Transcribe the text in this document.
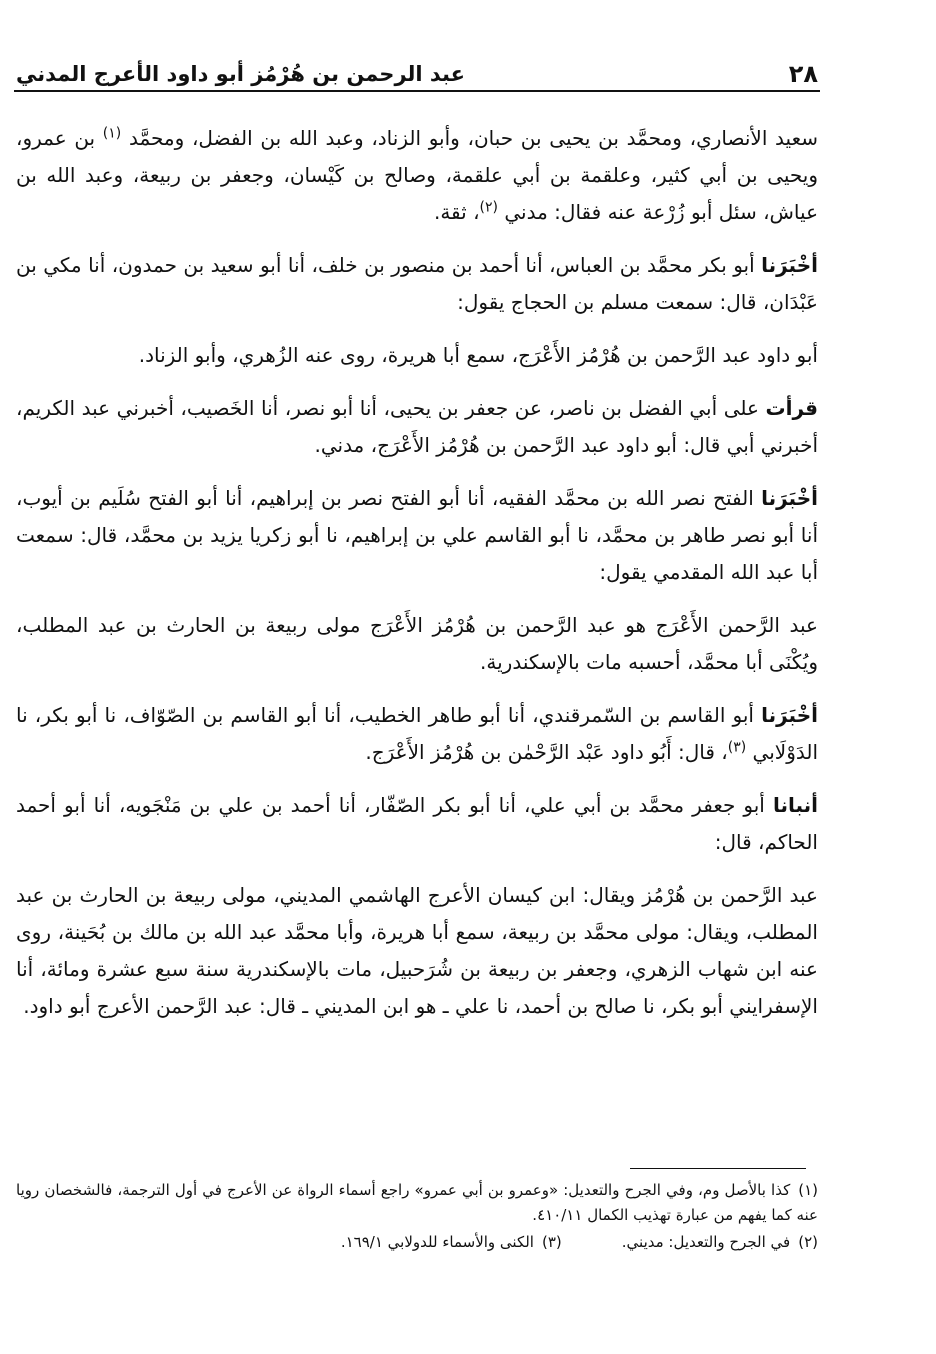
٢٨
عبد الرحمن بن هُرْمُز أبو داود الأعرج المدني

سعيد الأنصاري، ومحمَّد بن يحيى بن حبان، وأبو الزناد، وعبد الله بن الفضل، ومحمَّد $^{(١)}$ بن عمرو، ويحيى بن أبي كثير، وعلقمة بن أبي علقمة، وصالح بن كَيْسان، وجعفر بن ربيعة، وعبد الله بن عياش، سئل أبو زُرْعة عنه فقال: مدني $^{(٢)}$، ثقة.

أخْبَرَنا أبو بكر محمَّد بن العباس، أنا أحمد بن منصور بن خلف، أنا أبو سعيد بن حمدون، أنا مكي بن عَبْدَان، قال: سمعت مسلم بن الحجاج يقول:

أبو داود عبد الرَّحمن بن هُرْمُز الأَعْرَج، سمع أبا هريرة، روى عنه الزُهري، وأبو الزناد.

قرأت على أبي الفضل بن ناصر، عن جعفر بن يحيى، أنا أبو نصر، أنا الخَصيب، أخبرني عبد الكريم، أخبرني أبي قال: أبو داود عبد الرَّحمن بن هُرْمُز الأَعْرَج، مدني.

أخْبَرَنا الفتح نصر الله بن محمَّد الفقيه، أنا أبو الفتح نصر بن إبراهيم، أنا أبو الفتح سُلَيم بن أيوب، أنا أبو نصر طاهر بن محمَّد، نا أبو القاسم علي بن إبراهيم، نا أبو زكريا يزيد بن محمَّد، قال: سمعت أبا عبد الله المقدمي يقول:

عبد الرَّحمن الأَعْرَج هو عبد الرَّحمن بن هُرْمُز الأَعْرَج مولى ربيعة بن الحارث بن عبد المطلب، ويُكْنَى أبا محمَّد، أحسبه مات بالإسكندرية.

أخْبَرَنا أبو القاسم بن السّمرقندي، أنا أبو طاهر الخطيب، أنا أبو القاسم بن الصّوّاف، نا أبو بكر، نا الدَوْلَابي $^{(٣)}$، قال: أَبُو داود عَبْد الرَّحْمٰن بن هُرْمُز الأَعْرَج.

أنبانا أبو جعفر محمَّد بن أبي علي، أنا أبو بكر الصّفّار، أنا أحمد بن علي بن مَنْجَويه، أنا أبو أحمد الحاكم، قال:

عبد الرَّحمن بن هُرْمُز ويقال: ابن كيسان الأعرج الهاشمي المديني، مولى ربيعة بن الحارث بن عبد المطلب، ويقال: مولى محمَّد بن ربيعة، سمع أبا هريرة، وأبا محمَّد عبد الله بن مالك بن بُحَينة، روى عنه ابن شهاب الزهري، وجعفر بن ربيعة بن شُرَحبيل، مات بالإسكندرية سنة سبع عشرة ومائة، أنا الإسفرايني أبو بكر، نا صالح بن أحمد، نا علي ـ هو ابن المديني ـ قال: عبد الرَّحمن الأعرج أبو داود.

(١)كذا بالأصل وم، وفي الجرح والتعديل: «وعمرو بن أبي عمرو» راجع أسماء الرواة عن الأعرج في أول الترجمة، فالشخصان رويا عنه كما يفهم من عبارة تهذيب الكمال ٤١٠/١١.

(٢)في الجرح والتعديل: مديني.

(٣)الكنى والأسماء للدولابي ١٦٩/١.
